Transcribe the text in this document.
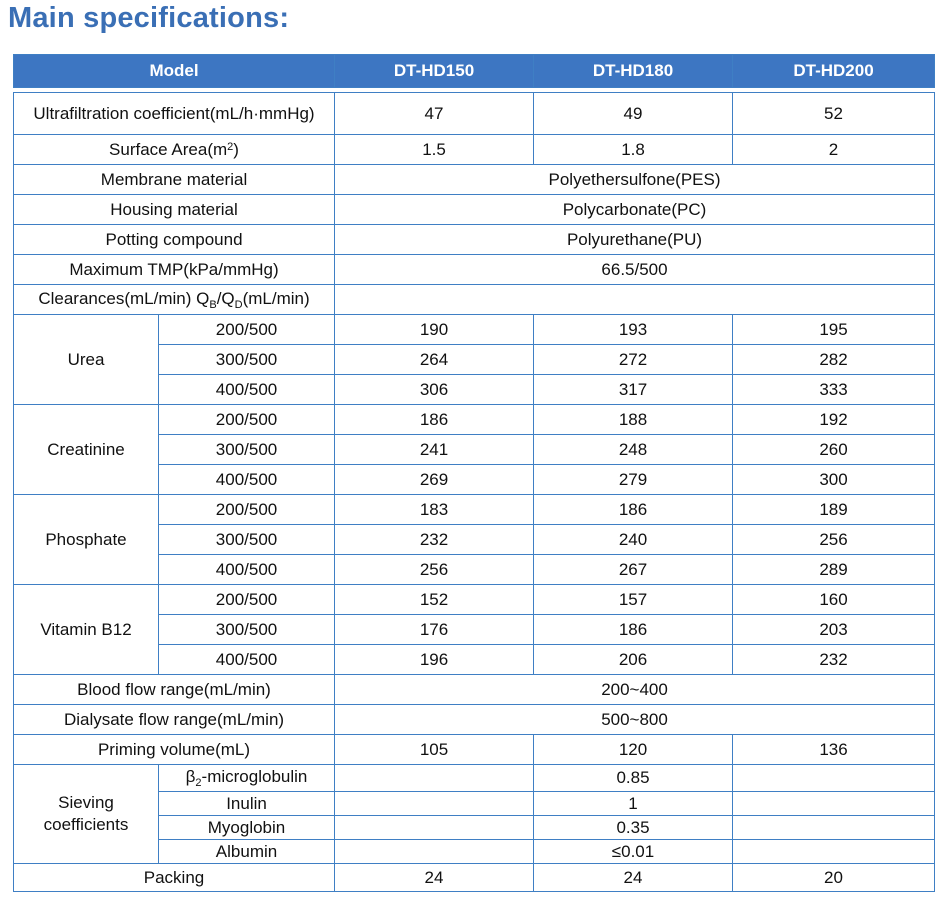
Main specifications:
Model		DT-HD150	DT-HD180	DT-HD200

Ultrafiltration coefficient(mL/h·mmHg)		47	49	52
Surface $Area(m^2)$		1.5	1.8	2
Membrane material		Polyethersulfone(PES)		
Housing material		Polycarbonate(PC)		
Potting compound		Polyurethane(PU)		
Maximum TMP(kPa/mmHg)		66.5/500		
Clearances(mL/min) $Q_B/Q_D(mL/\min)$				
Urea	200/500	190	193	195
	300/500	264	272	282
	400/500	306	317	333
Creatinine	200/500	186	188	192
	300/500	241	248	260
	400/500	269	279	300
Phosphate	200/500	183	186	189
	300/500	232	240	256
	400/500	256	267	289
Vitamin B12	200/500	152	157	160
	300/500	176	186	203
	400/500	196	206	232
Blood flow range(mL/min)		200~400		
Dialysate flow range(mL/min)		500~800		
Priming volume(mL)		105	120	136
Sieving
coefficients	$\beta_2$-microglobulin		0.85	
	Inulin		1	
	Myoglobin		0.35	
	Albumin		≤0.01	
Packing		24	24	20
